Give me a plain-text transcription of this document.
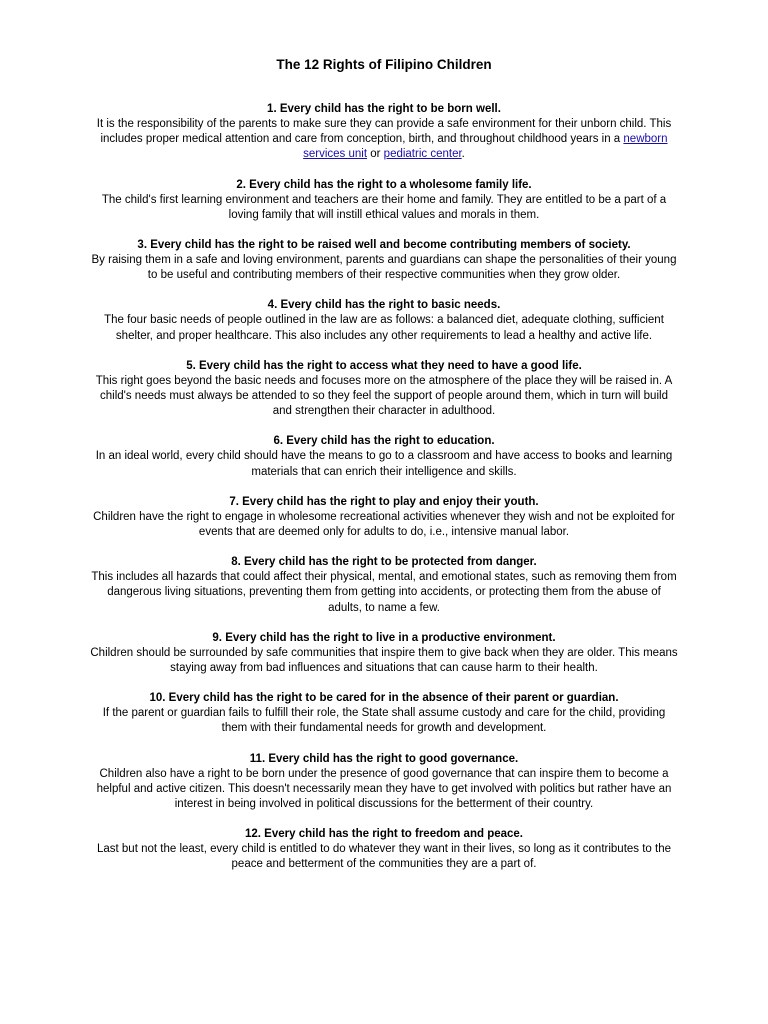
The 12 Rights of Filipino Children

1. Every child has the right to be born well.

It is the responsibility of the parents to make sure they can provide a safe environment for their unborn child. This includes proper medical attention and care from conception, birth, and throughout childhood years in a newborn services unit or pediatric center.

2. Every child has the right to a wholesome family life.

The child's first learning environment and teachers are their home and family. They are entitled to be a part of a loving family that will instill ethical values and morals in them.

3. Every child has the right to be raised well and become contributing members of society.

By raising them in a safe and loving environment, parents and guardians can shape the personalities of their young to be useful and contributing members of their respective communities when they grow older.

4. Every child has the right to basic needs.

The four basic needs of people outlined in the law are as follows: a balanced diet, adequate clothing, sufficient shelter, and proper healthcare. This also includes any other requirements to lead a healthy and active life.

5. Every child has the right to access what they need to have a good life.

This right goes beyond the basic needs and focuses more on the atmosphere of the place they will be raised in. A child's needs must always be attended to so they feel the support of people around them, which in turn will build and strengthen their character in adulthood.

6. Every child has the right to education.

In an ideal world, every child should have the means to go to a classroom and have access to books and learning materials that can enrich their intelligence and skills.

7. Every child has the right to play and enjoy their youth.

Children have the right to engage in wholesome recreational activities whenever they wish and not be exploited for events that are deemed only for adults to do, i.e., intensive manual labor.

8. Every child has the right to be protected from danger.

This includes all hazards that could affect their physical, mental, and emotional states, such as removing them from dangerous living situations, preventing them from getting into accidents, or protecting them from the abuse of adults, to name a few.

9. Every child has the right to live in a productive environment.

Children should be surrounded by safe communities that inspire them to give back when they are older. This means staying away from bad influences and situations that can cause harm to their health.

10. Every child has the right to be cared for in the absence of their parent or guardian.

If the parent or guardian fails to fulfill their role, the State shall assume custody and care for the child, providing them with their fundamental needs for growth and development.

11. Every child has the right to good governance.

Children also have a right to be born under the presence of good governance that can inspire them to become a helpful and active citizen. This doesn't necessarily mean they have to get involved with politics but rather have an interest in being involved in political discussions for the betterment of their country.

12. Every child has the right to freedom and peace.

Last but not the least, every child is entitled to do whatever they want in their lives, so long as it contributes to the peace and betterment of the communities they are a part of.
